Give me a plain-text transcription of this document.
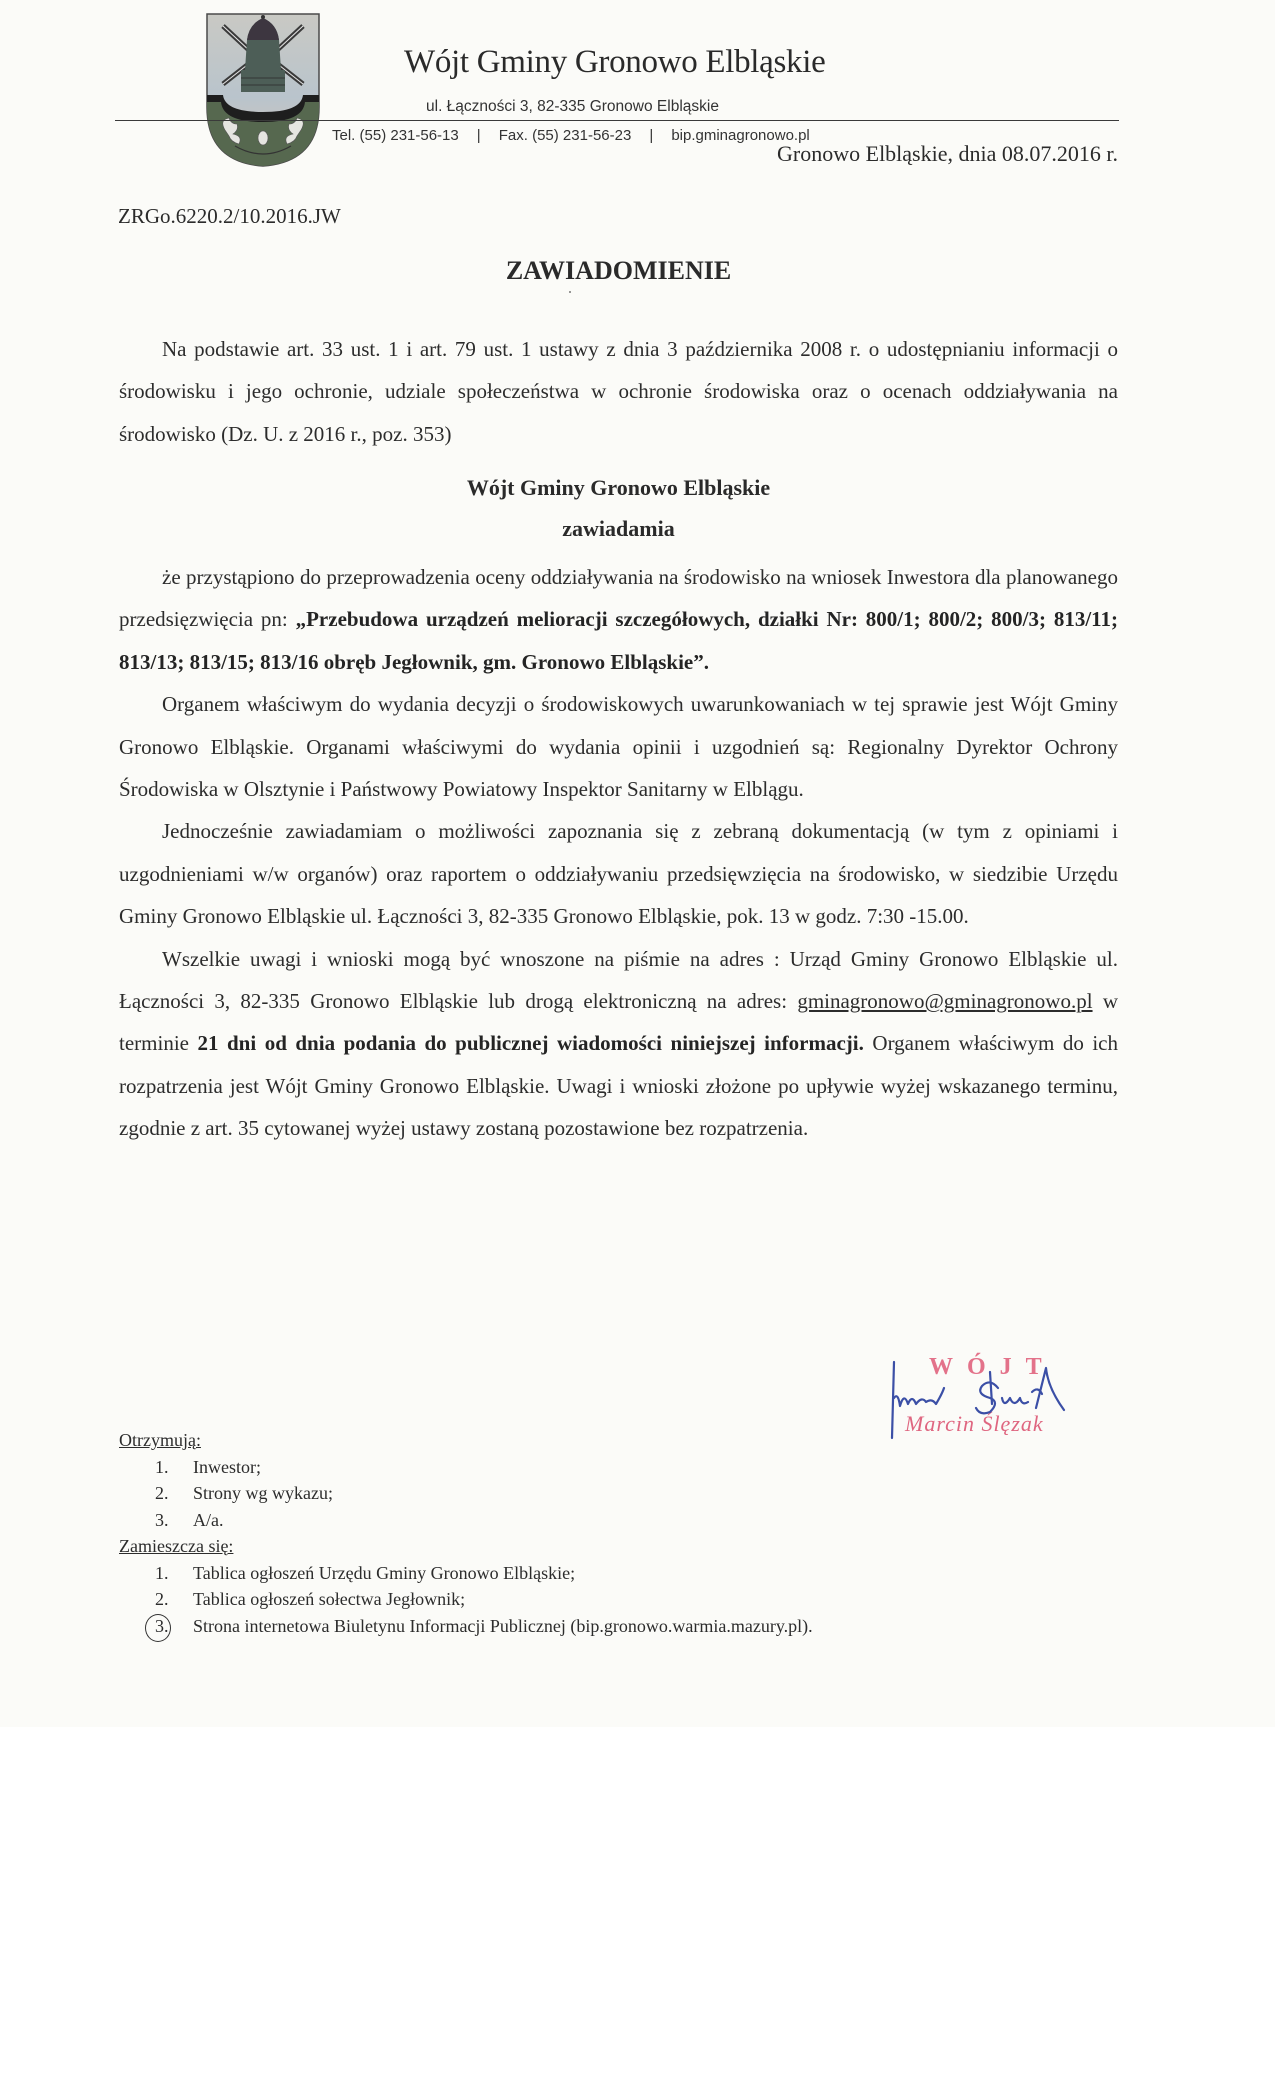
Wójt Gminy Gronowo Elbląskie
ul. Łączności 3, 82-335 Gronowo Elbląskie
Tel. (55) 231-56-13	|	Fax. (55) 231-56-23	|	bip.gminagronowo.pl
Gronowo Elbląskie, dnia 08.07.2016 r.
ZRGo.6220.2/10.2016.JW
ZAWIADOMIENIE

Na podstawie art. 33 ust. 1 i art. 79 ust. 1 ustawy z dnia 3 października 2008 r. o udostępnianiu informacji o środowisku i jego ochronie, udziale społeczeństwa w ochronie środowiska oraz o ocenach oddziaływania na środowisko (Dz. U. z 2016 r., poz. 353)

Wójt Gminy Gronowo Elbląskie
zawiadamia

że przystąpiono do przeprowadzenia oceny oddziaływania na środowisko na wniosek Inwestora dla planowanego przedsięzwięcia pn: „Przebudowa urządzeń melioracji szczegółowych, działki Nr: 800/1; 800/2; 800/3; 813/11; 813/13; 813/15; 813/16 obręb Jegłownik, gm. Gronowo Elbląskie”.

Organem właściwym do wydania decyzji o środowiskowych uwarunkowaniach w tej sprawie jest Wójt Gminy Gronowo Elbląskie. Organami właściwymi do wydania opinii i uzgodnień są: Regionalny Dyrektor Ochrony Środowiska w Olsztynie i Państwowy Powiatowy Inspektor Sanitarny w Elblągu.

Jednocześnie zawiadamiam o możliwości zapoznania się z zebraną dokumentacją (w tym z opiniami i uzgodnieniami w/w organów) oraz raportem o oddziaływaniu przedsięwzięcia na środowisko, w siedzibie Urzędu Gminy Gronowo Elbląskie ul. Łączności 3, 82-335 Gronowo Elbląskie, pok. 13 w godz. 7:30 -15.00.

Wszelkie uwagi i wnioski mogą być wnoszone na piśmie na adres : Urząd Gminy Gronowo Elbląskie ul. Łączności 3, 82-335 Gronowo Elbląskie lub drogą elektroniczną na adres: gminagronowo@gminagronowo.pl w terminie 21 dni od dnia podania do publicznej wiadomości niniejszej informacji. Organem właściwym do ich rozpatrzenia jest Wójt Gminy Gronowo Elbląskie. Uwagi i wnioski złożone po upływie wyżej wskazanego terminu, zgodnie z art. 35 cytowanej wyżej ustawy zostaną pozostawione bez rozpatrzenia.

WÓJT
Marcin Ślęzak
Otrzymują:
1.	Inwestor;
2.	Strony wg wykazu;
3.	A/a.
Zamieszcza się:
1.	Tablica ogłoszeń Urzędu Gminy Gronowo Elbląskie;
2.	Tablica ogłoszeń sołectwa Jegłownik;
3.	Strona internetowa Biuletynu Informacji Publicznej (bip.gronowo.warmia.mazury.pl).
